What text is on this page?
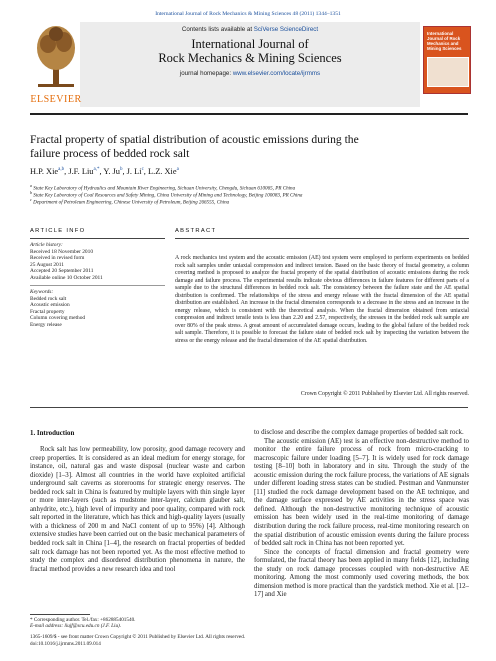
International Journal of Rock Mechanics & Mining Sciences 48 (2011) 1344–1351
ELSEVIER
Contents lists available at SciVerse ScienceDirect
International Journal of
Rock Mechanics & Mining Sciences
journal homepage: www.elsevier.com/locate/ijrmms
International Journal of Rock Mechanics and Mining Sciences
Fractal property of spatial distribution of acoustic emissions during the
failure process of bedded rock salt
H.P. Xie$^{a,b}$, J.F. Liu$^{a,*}$, Y. Ju$^b$, J. Li$^c$, L.Z. Xie$^a$
$^a$ State Key Laboratory of Hydraulics and Mountain River Engineering, Sichuan University, Chengdu, Sichuan 610065, PR China
$^b$ State Key Laboratory of Coal Resources and Safety Mining, China University of Mining and Technology, Beijing 100083, PR China
$^c$ Department of Petroleum Engineering, Chinese University of Petroleum, Beijing 266555, China
ARTICLE INFO
Article history:
Received 18 November 2010
Received in revised form
25 August 2011
Accepted 20 September 2011
Available online 10 October 2011
Keywords:
Bedded rock salt
Acoustic emission
Fractal property
Column covering method
Energy release
ABSTRACT
A rock mechanics test system and the acoustic emission (AE) test system were employed to perform experiments on bedded rock salt samples under uniaxial compression and indirect tension. Based on the basic theory of fractal geometry, a column covering method is proposed to analyze the fractal property of the spatial distribution of acoustic emissions during the rock damage and failure process. The experimental results indicate obvious differences in failure features for different parts of a sample due to the structural differences in bedded rock salt. The consistency between the failure state and the AE spatial distribution is confirmed. The relationships of the stress and energy release with the fractal dimension of the AE spatial distribution are established. An increase in the fractal dimension corresponds to a decrease in the stress and an increase in the energy release, which is consistent with the theoretical analysis. When the fractal dimension obtained from uniaxial compression and indirect tensile tests is less than 2.20 and 2.57, respectively, the stresses in the bedded rock salt sample are over 80% of the peak stress. A great amount of accumulated damage occurs, leading to the global failure of the bedded rock salt sample. Therefore, it is possible to forecast the failure state of bedded rock salt by inspecting the variation between the stress or the energy release and the fractal dimension of the AE spatial distribution.
Crown Copyright © 2011 Published by Elsevier Ltd. All rights reserved.
1. Introduction

Rock salt has low permeability, low porosity, good damage recovery and creep properties. It is considered as an ideal medium for energy storage, for instance, oil, natural gas and waste disposal (nuclear waste and carbon dioxide) [1–3]. Almost all countries in the world have exploited artificial underground salt caverns as storerooms for strategic energy reserves. The bedded rock salt in China is featured by multiple layers with thin single layer or more inter-layers (such as mudstone inter-layer, calcium glauber salt, anhydrite, etc.), high level of impurity and poor quality, compared with rock salt reported in the literature, which has thick and high-quality layers (usually with a thickness of 200 m and NaCl content of up to 95%) [4]. Although extensive studies have been carried out on the basic mechanical parameters of bedded rock salt in China [1–4], the research on fractal properties of bedded salt rock damage has not been reported yet. As the most effective method to study the complex and disordered distribution phenomena in nature, the fractal method provides a new research idea and tool

to disclose and describe the complex damage properties of bedded salt rock.

The acoustic emission (AE) test is an effective non-destructive method to monitor the entire failure process of rock from micro-cracking to macroscopic failure under loading [5–7]. It is widely used for rock damage testing [8–10] both in laboratory and in situ. Through the study of the acoustic emission during the rock failure process, the variations of AE signals under different loading stress states can be studied. Pestman and Vanmunster [11] studied the rock damage development based on the AE technique, and the damage surface expressed by AE activities in the stress space was defined. Although the non-destructive monitoring technique of acoustic emission has been widely used in the real-time monitoring of damage distribution during the rock failure process, real-time monitoring research on the spatial distribution of acoustic emission events during the failure process of bedded salt rock in China has not been reported yet.

Since the concepts of fractal dimension and fractal geometry were formulated, the fractal theory has been applied in many fields [12], including the study on rock damage processes coupled with non-destructive AE monitoring. Among the most commonly used covering methods, the box dimension method is more practical than the yardstick method. Xie et al. [12–17] and Xie

* Corresponding author. Tel./fax: +862885401540.
E-mail address: liujf@scu.edu.cn (J.F. Liu).
1365-1609/$ - see front matter Crown Copyright © 2011 Published by Elsevier Ltd. All rights reserved.
doi:10.1016/j.ijrmms.2011.09.014
